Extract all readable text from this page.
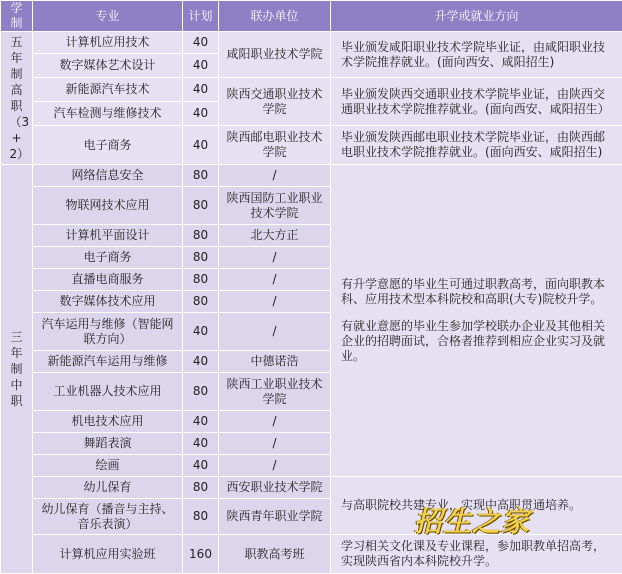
学制	专业	计划	联办单位	升学或就业方向
五年制高职（3+2）	计算机应用技术	40	咸阳职业技术学院	毕业颁发咸阳职业技术学院毕业证，由咸阳职业技术学院推荐就业。(面向西安、咸阳招生)
	数字媒体艺术设计	40		
	新能源汽车技术	40	陕西交通职业技术学院	毕业颁发陕西交通职业技术学院毕业证，由陕西交通职业技术学院推荐就业。(面向西安、咸阳招生）
	汽车检测与维修技术	40		
	电子商务	40	陕西邮电职业技术学院	毕业颁发陕西邮电职业技术学院毕业证，由陕西邮电职业技术学院推荐就业。(面向西安、咸阳招生)
三年制中职	网络信息安全	80	/	有升学意愿的毕业生可通过职教高考，面向职教本科、应用技术型本科院校和高职(大专)院校升学。
有就业意愿的毕业生参加学校联办企业及其他相关企业的招聘面试，合格者推荐到相应企业实习及就业。

	物联网技术应用	80	陕西国防工业职业技术学院	
	计算机平面设计	80	北大方正	
	电子商务	80	/	
	直播电商服务	80	/	
	数字媒体技术应用	80	/	
	汽车运用与维修（智能网联方向）	40	/	
	新能源汽车运用与维修	40	中德诺浩	
	工业机器人技术应用	80	陕西工业职业技术学院	
	机电技术应用	40	/	
	舞蹈表演	40	/	
	绘画	40	/	
	幼儿保育	80	西安职业技术学院	与高职院校共建专业，实现中高职贯通培养。
	幼儿保育（播音与主持、音乐表演）	80	陕西青年职业学院	
	计算机应用实验班	160	职教高考班	学习相关文化课及专业课程，参加职教单招高考，实现陕西省内本科院校升学。
招生之家
